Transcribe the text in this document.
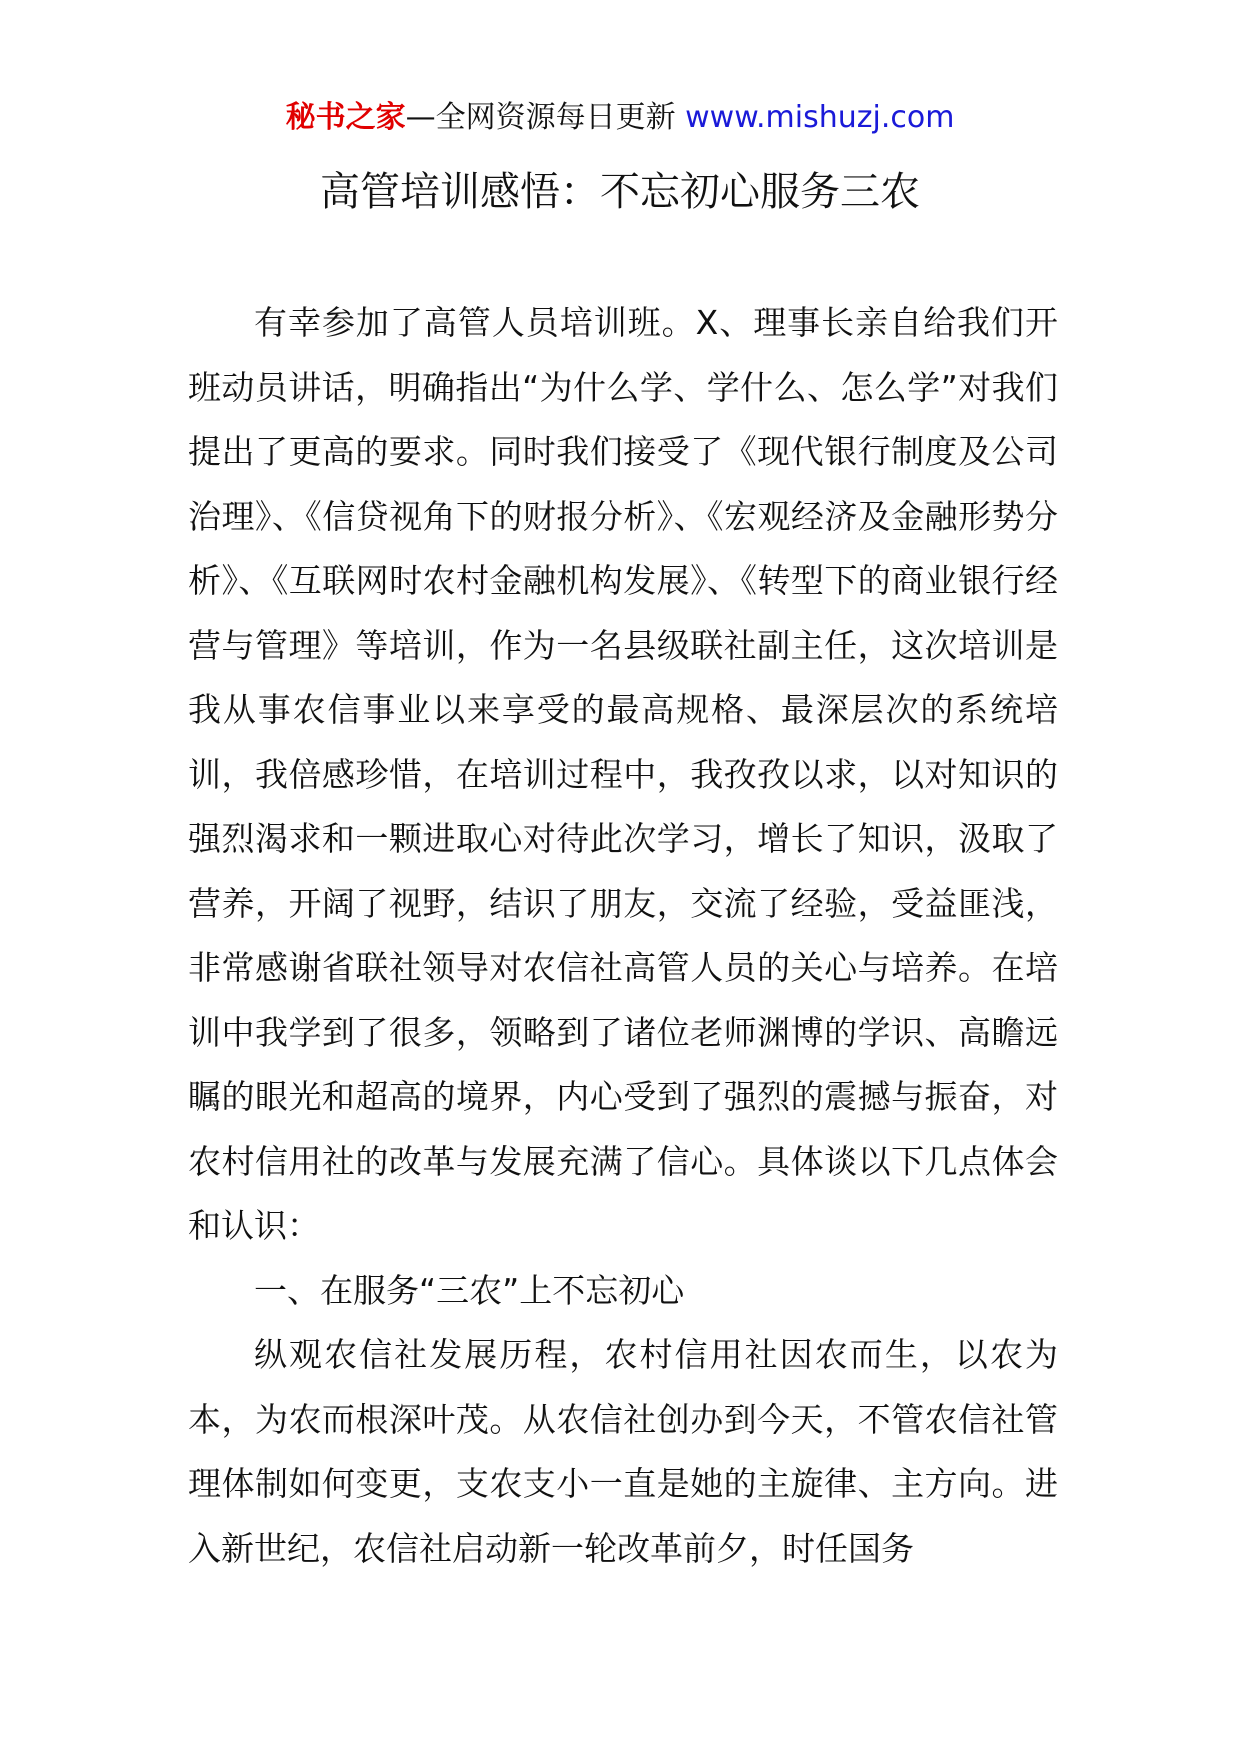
秘书之家—全网资源每日更新 www.mishuzj.com
高管培训感悟：不忘初心服务三农

有幸参加了高管人员培训班。X、理事长亲自给我们开班动员讲话，明确指出“为什么学、学什么、怎么学”对我们提出了更高的要求。同时我们接受了《现代银行制度及公司治理》、《信贷视角下的财报分析》、《宏观经济及金融形势分析》、《互联网时农村金融机构发展》、《转型下的商业银行经营与管理》等培训，作为一名县级联社副主任，这次培训是我从事农信事业以来享受的最高规格、最深层次的系统培训，我倍感珍惜，在培训过程中，我孜孜以求，以对知识的强烈渴求和一颗进取心对待此次学习，增长了知识，汲取了营养，开阔了视野，结识了朋友，交流了经验，受益匪浅，非常感谢省联社领导对农信社高管人员的关心与培养。在培训中我学到了很多，领略到了诸位老师渊博的学识、高瞻远瞩的眼光和超高的境界，内心受到了强烈的震撼与振奋，对农村信用社的改革与发展充满了信心。具体谈以下几点体会和认识：

一、在服务“三农”上不忘初心

纵观农信社发展历程，农村信用社因农而生，以农为本，为农而根深叶茂。从农信社创办到今天，不管农信社管理体制如何变更，支农支小一直是她的主旋律、主方向。进入新世纪，农信社启动新一轮改革前夕，时任国务
